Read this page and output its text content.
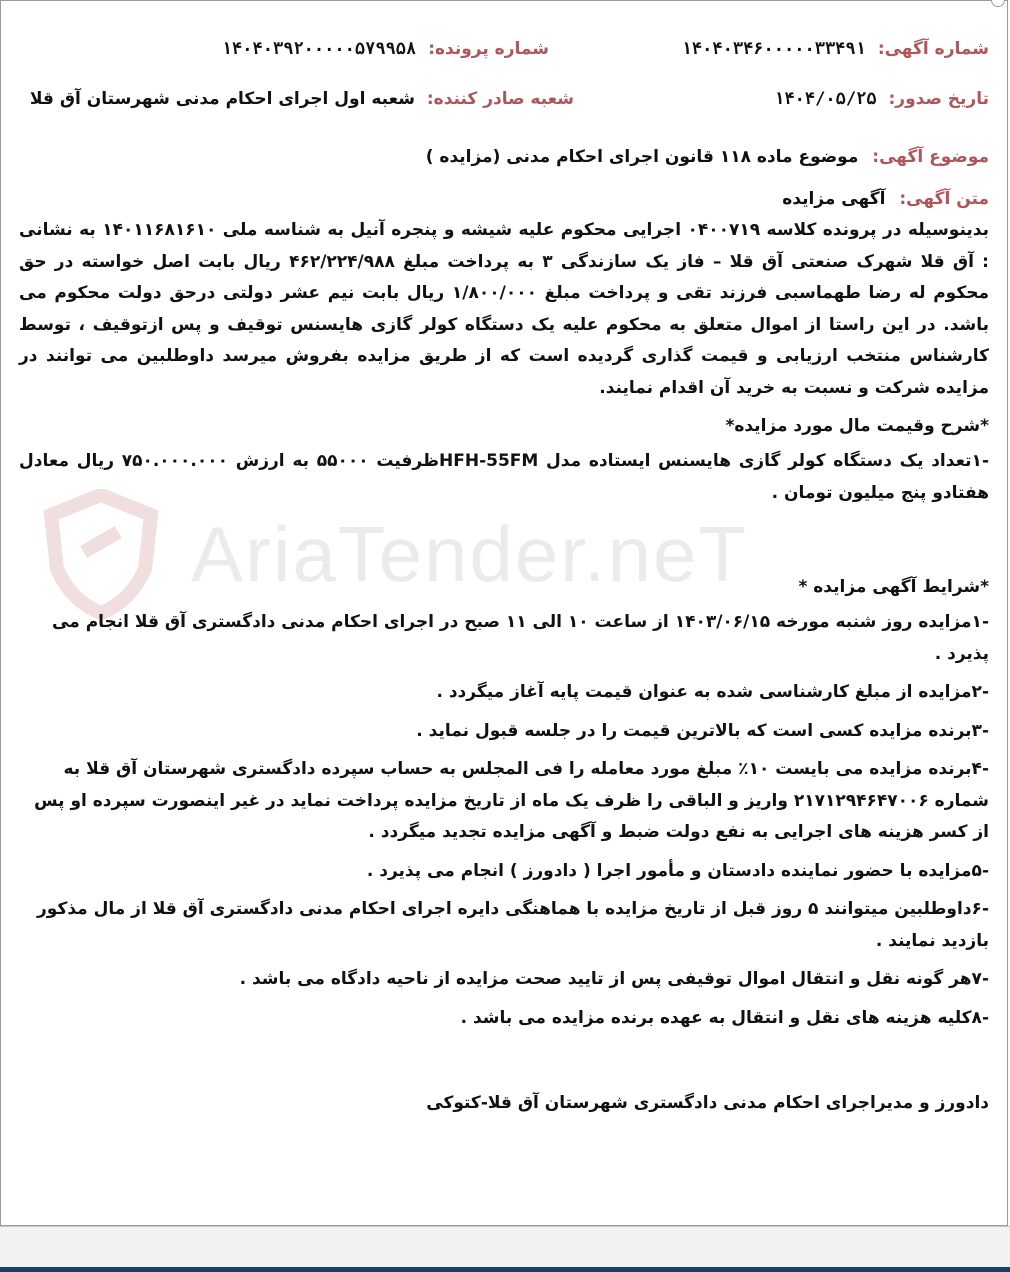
AriaTender.neT
شماره آگهی: ۱۴۰۴۰۳۴۶۰۰۰۰۰۳۳۴۹۱
شماره پرونده: ۱۴۰۴۰۳۹۲۰۰۰۰۰۵۷۹۹۵۸
تاریخ صدور: ۱۴۰۴/۰۵/۲۵
شعبه صادر کننده: شعبه اول اجرای احکام مدنی شهرستان آق قلا
موضوع آگهی: موضوع ماده ۱۱۸ قانون اجرای احکام مدنی (مزایده )
متن آگهی: آگهی مزایده

بدینوسیله در پرونده کلاسه ۰۴۰۰۷۱۹ اجرایی محکوم علیه شیشه و پنجره آنیل به شناسه ملی ۱۴۰۱۱۶۸۱۶۱۰ به نشانی : آق قلا شهرک صنعتی آق قلا – فاز یک سازندگی ۳ به پرداخت مبلغ ۴۶۲/۲۲۴/۹۸۸ ریال بابت اصل خواسته در حق محکوم له رضا طهماسبی فرزند تقی و پرداخت مبلغ ۱/۸۰۰/۰۰۰ ریال بابت نیم عشر دولتی درحق دولت محکوم می باشد. در این راستا از اموال متعلق به محکوم علیه یک دستگاه کولر گازی هایسنس توقیف و پس ازتوقیف ، توسط کارشناس منتخب ارزیابی و قیمت گذاری گردیده است که از طریق مزایده بفروش میرسد داوطلبین می توانند در مزایده شرکت و نسبت به خرید آن اقدام نمایند.

*شرح وقیمت مال مورد مزایده*

-۱تعداد یک دستگاه کولر گازی هایسنس ایستاده مدل HFH-55FMظرفیت ۵۵۰۰۰ به ارزش ۷۵۰.۰۰۰.۰۰۰ ریال معادل هفتادو پنج میلیون تومان .

*شرایط آگهی مزایده *

-۱مزایده روز شنبه مورخه ۱۴۰۳/۰۶/۱۵ از ساعت ۱۰ الی ۱۱ صبح در اجرای احکام مدنی دادگستری آق قلا انجام می پذیرد .

-۲مزایده از مبلغ کارشناسی شده به عنوان قیمت پایه آغاز میگردد .

-۳برنده مزایده کسی است که بالاترین قیمت را در جلسه قبول نماید .

-۴برنده مزایده می بایست ۱۰٪ مبلغ مورد معامله را فی المجلس به حساب سپرده دادگستری شهرستان آق قلا به شماره ۲۱۷۱۲۹۴۶۴۷۰۰۶ واریز و الباقی را ظرف یک ماه از تاریخ مزایده پرداخت نماید در غیر اینصورت سپرده او پس از کسر هزینه های اجرایی به نفع دولت ضبط و آگهی مزایده تجدید میگردد .

-۵مزایده با حضور نماینده دادستان و مأمور اجرا ( دادورز ) انجام می پذیرد .

-۶داوطلبین میتوانند ۵ روز قبل از تاریخ مزایده با هماهنگی دایره اجرای احکام مدنی دادگستری آق قلا از مال مذکور بازدید نمایند .

-۷هر گونه نقل و انتقال اموال توقیفی پس از تایید صحت مزایده از ناحیه دادگاه می باشد .

-۸کلیه هزینه های نقل و انتقال به عهده برنده مزایده می باشد .

دادورز و مدیراجرای احکام مدنی دادگستری شهرستان آق قلا-کتوکی
